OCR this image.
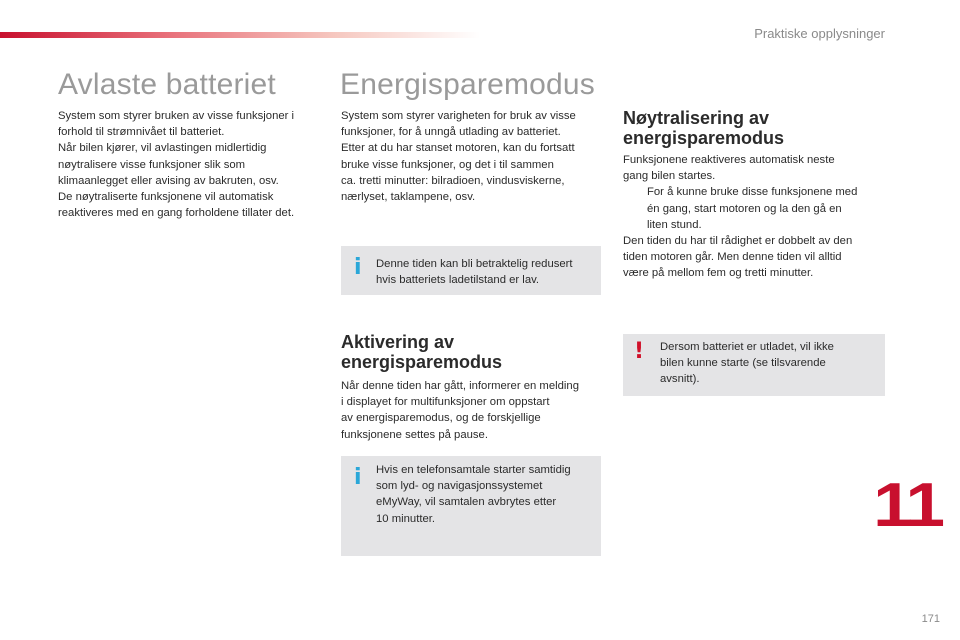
Praktiske opplysninger
Avlaste batteriet
System som styrer bruken av visse funksjoner i
forhold til strømnivået til batteriet.
Når bilen kjører, vil avlastingen midlertidig
nøytralisere visse funksjoner slik som
klimaanlegget eller avising av bakruten, osv.
De nøytraliserte funksjonene vil automatisk
reaktiveres med en gang forholdene tillater det.
Energisparemodus
System som styrer varigheten for bruk av visse
funksjoner, for å unngå utlading av batteriet.
Etter at du har stanset motoren, kan du fortsatt
bruke visse funksjoner, og det i til sammen
ca. tretti minutter: bilradioen, vindusviskerne,
nærlyset, taklampene, osv.
i Denne tiden kan bli betraktelig redusert
hvis batteriets ladetilstand er lav.
Aktivering av
energisparemodus
Når denne tiden har gått, informerer en melding
i displayet for multifunksjoner om oppstart
av energisparemodus, og de forskjellige
funksjonene settes på pause.
i Hvis en telefonsamtale starter samtidig
som lyd- og navigasjonssystemet
eMyWay, vil samtalen avbrytes etter
10 minutter.
Nøytralisering av
energisparemodus
Funksjonene reaktiveres automatisk neste
gang bilen startes.
For å kunne bruke disse funksjonene med
én gang, start motoren og la den gå en
liten stund.
Den tiden du har til rådighet er dobbelt av den
tiden motoren går. Men denne tiden vil alltid
være på mellom fem og tretti minutter.
! Dersom batteriet er utladet, vil ikke
bilen kunne starte (se tilsvarende
avsnitt).
11
171
